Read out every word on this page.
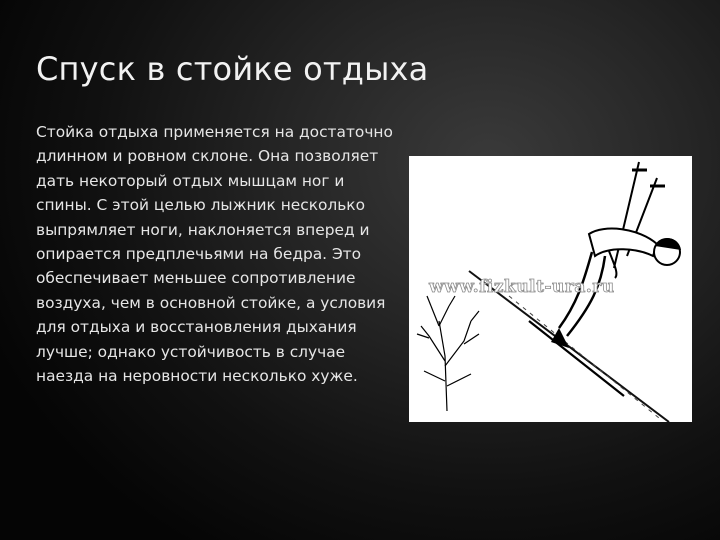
Спуск в стойке отдыха

Стойка отдыха применяется на достаточно длинном и ровном склоне. Она позволяет дать некоторый отдых мышцам ног и спины. С этой целью лыжник несколько выпрямляет ноги, наклоняется вперед и опирается предплечьями на бедра. Это обеспечивает меньшее сопротивление воздуха, чем в основной стойке, а условия для отдыха и восстановления дыхания лучше; однако устойчивость в случае наезда на неровности несколько хуже.

www.fizkult-ura.ru
